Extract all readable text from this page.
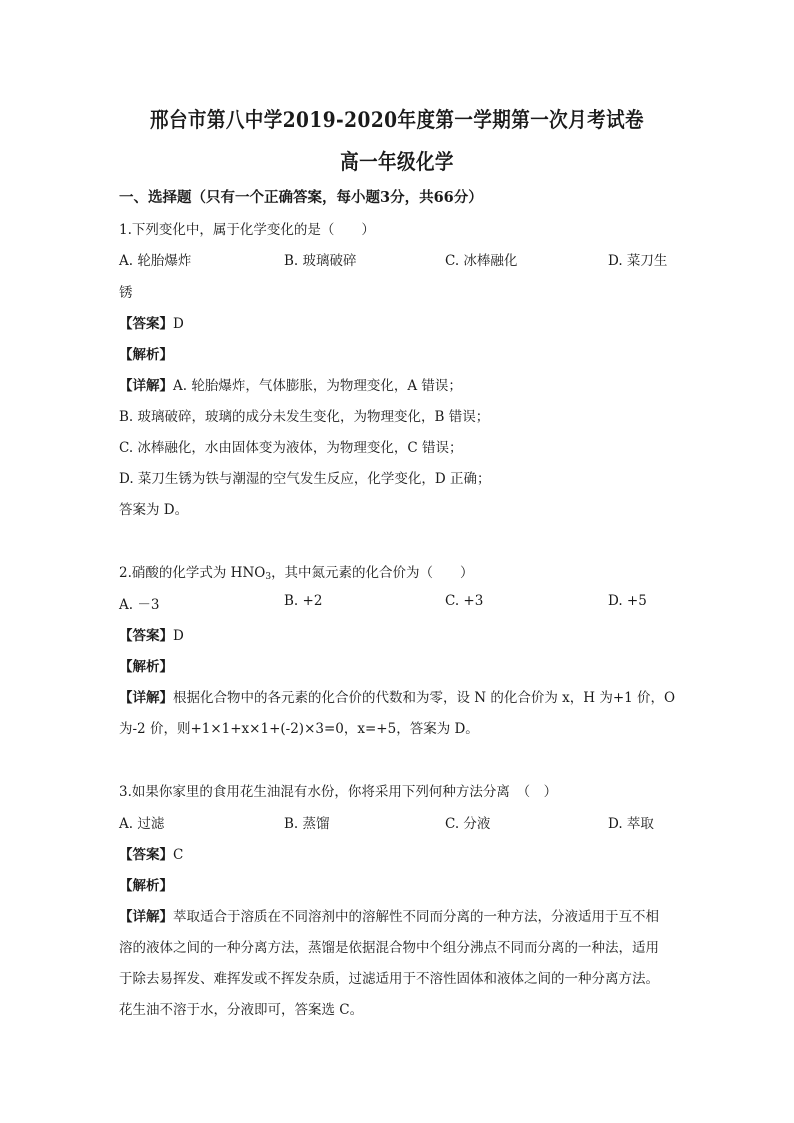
邢台市第八中学2019-2020年度第一学期第一次月考试卷
高一年级化学
一、选择题（只有一个正确答案，每小题3分，共66分）
1.下列变化中，属于化学变化的是（　　）
A. 轮胎爆炸	B. 玻璃破碎	C. 冰棒融化	D. 菜刀生
锈
【答案】D
【解析】
【详解】A. 轮胎爆炸，气体膨胀，为物理变化，A 错误；
B. 玻璃破碎，玻璃的成分未发生变化，为物理变化，B 错误；
C. 冰棒融化，水由固体变为液体，为物理变化，C 错误；
D. 菜刀生锈为铁与潮湿的空气发生反应，化学变化，D 正确；
答案为 D。
2.硝酸的化学式为 $HNO_3$，其中氮元素的化合价为（　　）
A. －3	B. +2	C. +3	D. +5
【答案】D
【解析】
【详解】根据化合物中的各元素的化合价的代数和为零，设 N 的化合价为 x，H 为+1 价，O
为-2 价，则+1×1+x×1+(-2)×3=0，x=+5，答案为 D。
3.如果你家里的食用花生油混有水份，你将采用下列何种方法分离　（　）
A. 过滤	B. 蒸馏	C. 分液	D. 萃取
【答案】C
【解析】
【详解】萃取适合于溶质在不同溶剂中的溶解性不同而分离的一种方法，分液适用于互不相
溶的液体之间的一种分离方法，蒸馏是依据混合物中个组分沸点不同而分离的一种法，适用
于除去易挥发、难挥发或不挥发杂质，过滤适用于不溶性固体和液体之间的一种分离方法。
花生油不溶于水，分液即可，答案选 C。
